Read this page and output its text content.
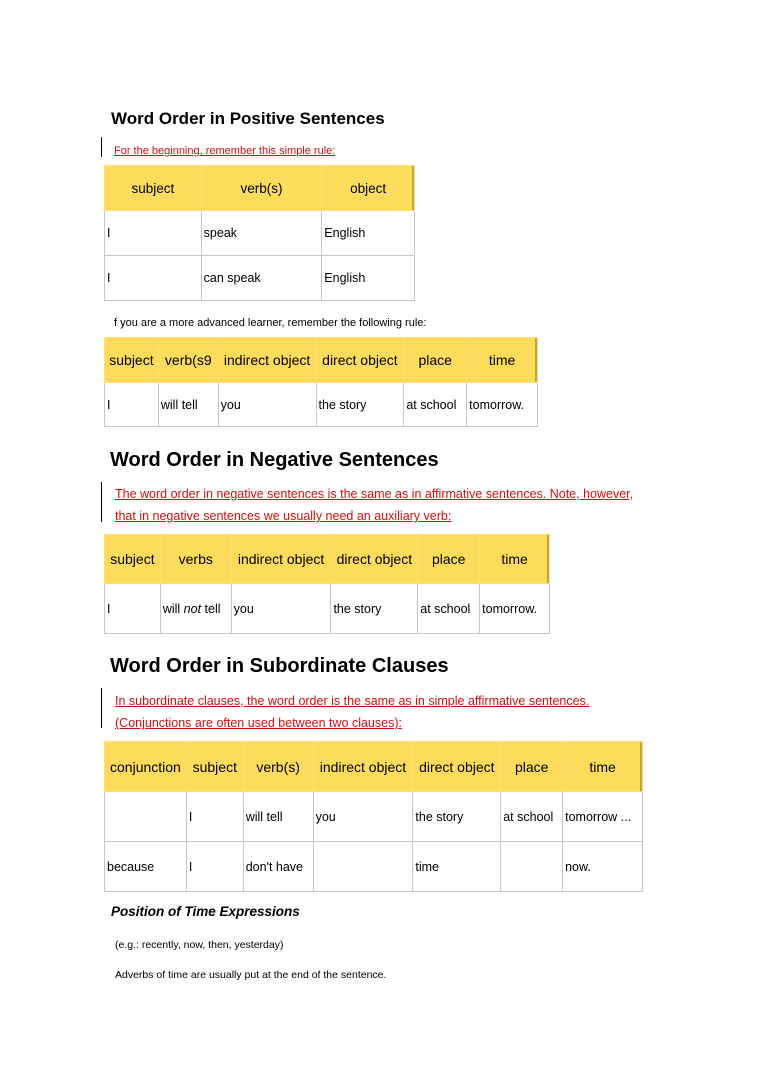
Word Order in Positive Sentences
For the beginning, remember this simple rule:
subject	verb(s)	object
I	speak	English
I	can speak	English
f you are a more advanced learner, remember the following rule:
subject	verb(s9	indirect object	direct object	place	time
I	will tell	you	the story	at school	tomorrow.
Word Order in Negative Sentences
The word order in negative sentences is the same as in affirmative sentences. Note, however,
that in negative sentences we usually need an auxiliary verb:
subject	verbs	indirect object	direct object	place	time
I	will not tell	you	the story	at school	tomorrow.
Word Order in Subordinate Clauses
In subordinate clauses, the word order is the same as in simple affirmative sentences.
(Conjunctions are often used between two clauses):
conjunction	subject	verb(s)	indirect object	direct object	place	time
	I	will tell	you	the story	at school	tomorrow ...
because	I	don't have		time		now.
Position of Time Expressions
(e.g.: recently, now, then, yesterday)
Adverbs of time are usually put at the end of the sentence.
